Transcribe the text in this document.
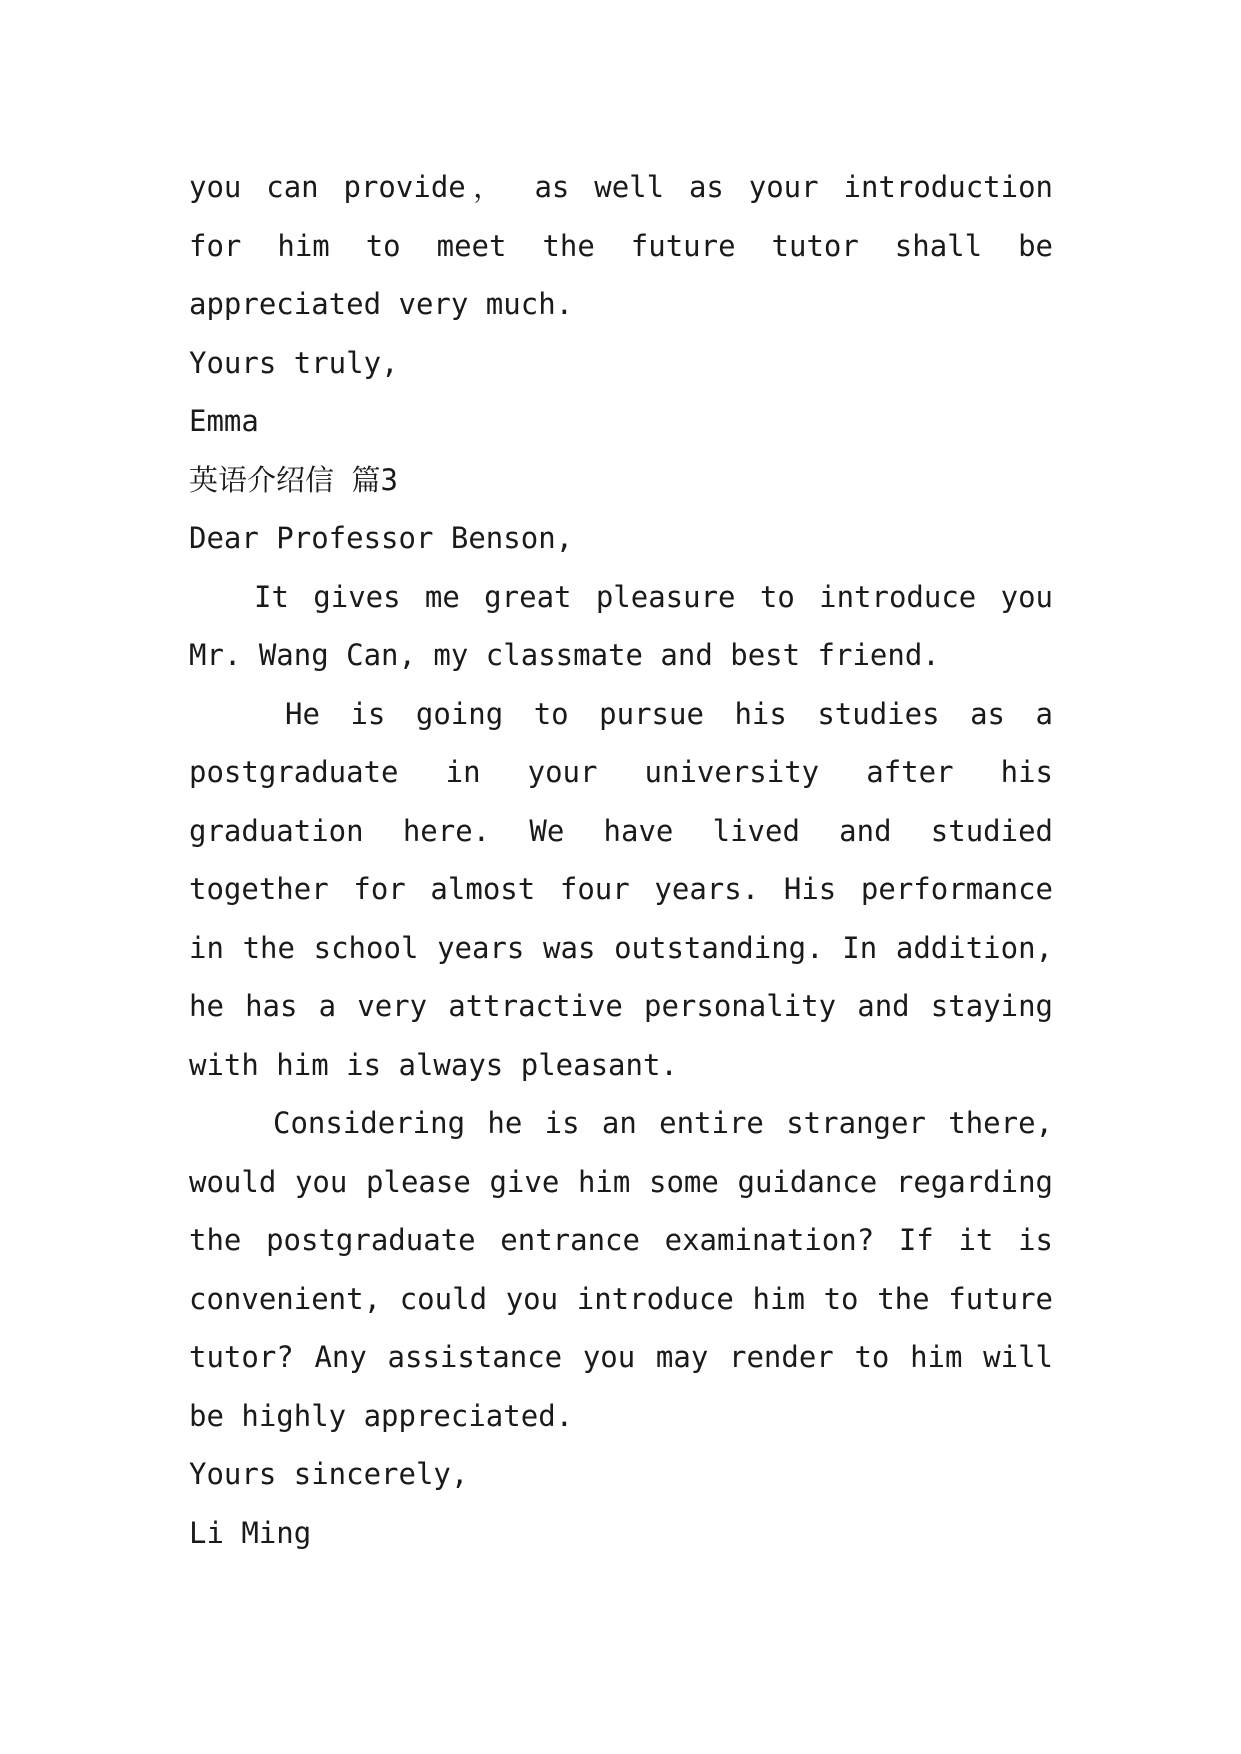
you can provide， as well as your introduction for him to meet the future tutor shall be appreciated very much.

Yours truly,

Emma

英语介绍信 篇3

Dear Professor Benson,

It gives me great pleasure to introduce you Mr. Wang Can, my classmate and best friend.

He is going to pursue his studies as a postgraduate in your university after his graduation here. We have lived and studied together for almost four years. His performance in the school years was outstanding. In addition, he has a very attractive personality and staying with him is always pleasant.

Considering he is an entire stranger there, would you please give him some guidance regarding the postgraduate entrance examination? If it is convenient, could you introduce him to the future tutor? Any assistance you may render to him will be highly appreciated.

Yours sincerely,

Li Ming
